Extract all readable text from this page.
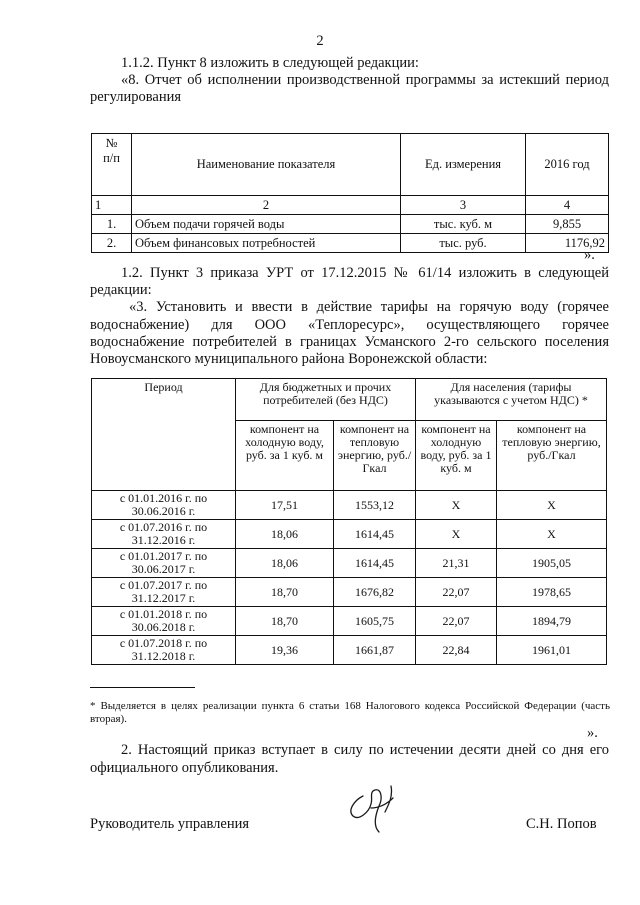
2
1.1.2. Пункт 8 изложить в следующей редакции:
«8. Отчет об исполнении производственной программы за истекший период
регулирования
№
п/п	Наименование показателя	Ед. измерения	2016 год
1	2	3	4
1.	Объем подачи горячей воды	тыс. куб. м	9,855
2.	Объем финансовых потребностей	тыс. руб.	1176,92
».
1.2. Пункт 3 приказа УРТ от 17.12.2015 № 61/14 изложить в следующей
редакции:
«3. Установить и ввести в действие тарифы на горячую воду (горячее
водоснабжение) для ООО «Теплоресурс», осуществляющего горячее
водоснабжение потребителей в границах Усманского 2-го сельского поселения
Новоусманского муниципального района Воронежской области:
Период	Для бюджетных и прочих потребителей (без НДС)		Для населения (тарифы указываются с учетом НДС) *	
	компонент на холодную воду, руб. за 1 куб. м	компонент на тепловую энергию, руб./Гкал	компонент на холодную воду, руб. за 1 куб. м	компонент на тепловую энергию, руб./Гкал

с 01.01.2016 г. по
30.06.2016 г.	17,51	1553,12	Х	Х

с 01.07.2016 г. по
31.12.2016 г.	18,06	1614,45	Х	Х

с 01.01.2017 г. по
30.06.2017 г.	18,06	1614,45	21,31	1905,05

с 01.07.2017 г. по
31.12.2017 г.	18,70	1676,82	22,07	1978,65

с 01.01.2018 г. по
30.06.2018 г.	18,70	1605,75	22,07	1894,79

с 01.07.2018 г. по
31.12.2018 г.	19,36	1661,87	22,84	1961,01
* Выделяется в целях реализации пункта 6 статьи 168 Налогового кодекса Российской Федерации (часть
вторая).
».
2. Настоящий приказ вступает в силу по истечении десяти дней со дня его
официального опубликования.
Руководитель управления	С.Н. Попов
